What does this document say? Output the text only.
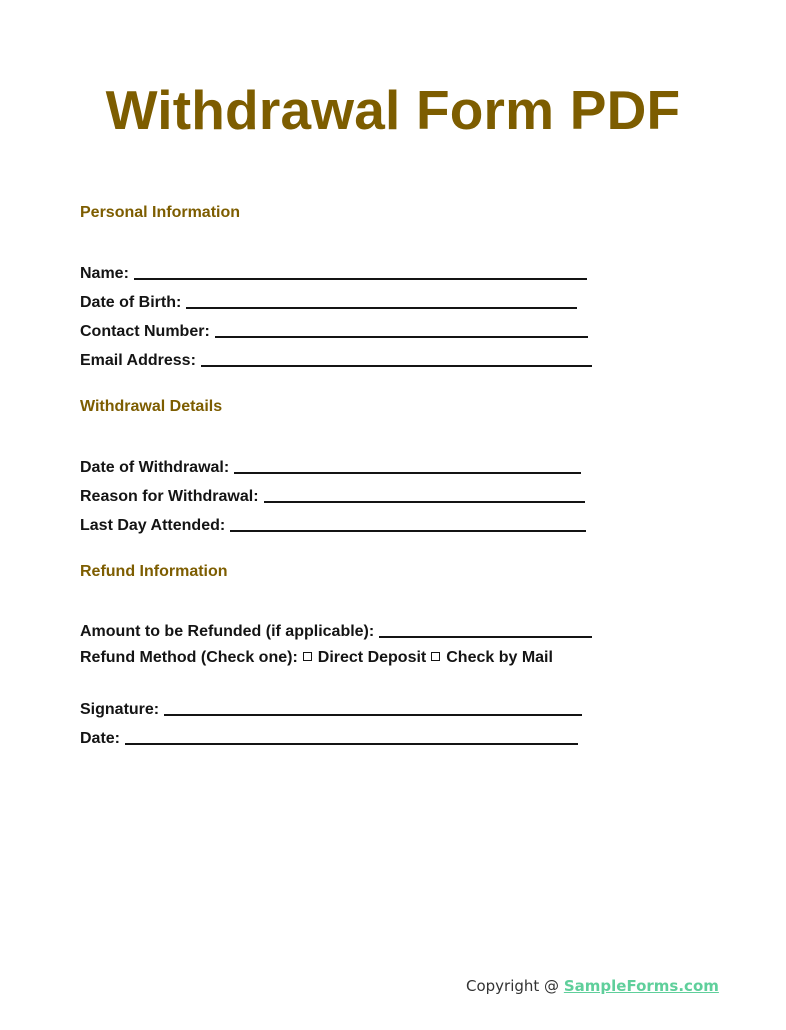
Withdrawal Form PDF
Personal Information
Name:
Date of Birth:
Contact Number:
Email Address:
Withdrawal Details
Date of Withdrawal:
Reason for Withdrawal:
Last Day Attended:
Refund Information
Amount to be Refunded (if applicable):
Refund Method (Check one): Direct Deposit Check by Mail
Signature:
Date:
Copyright @ SampleForms.com
